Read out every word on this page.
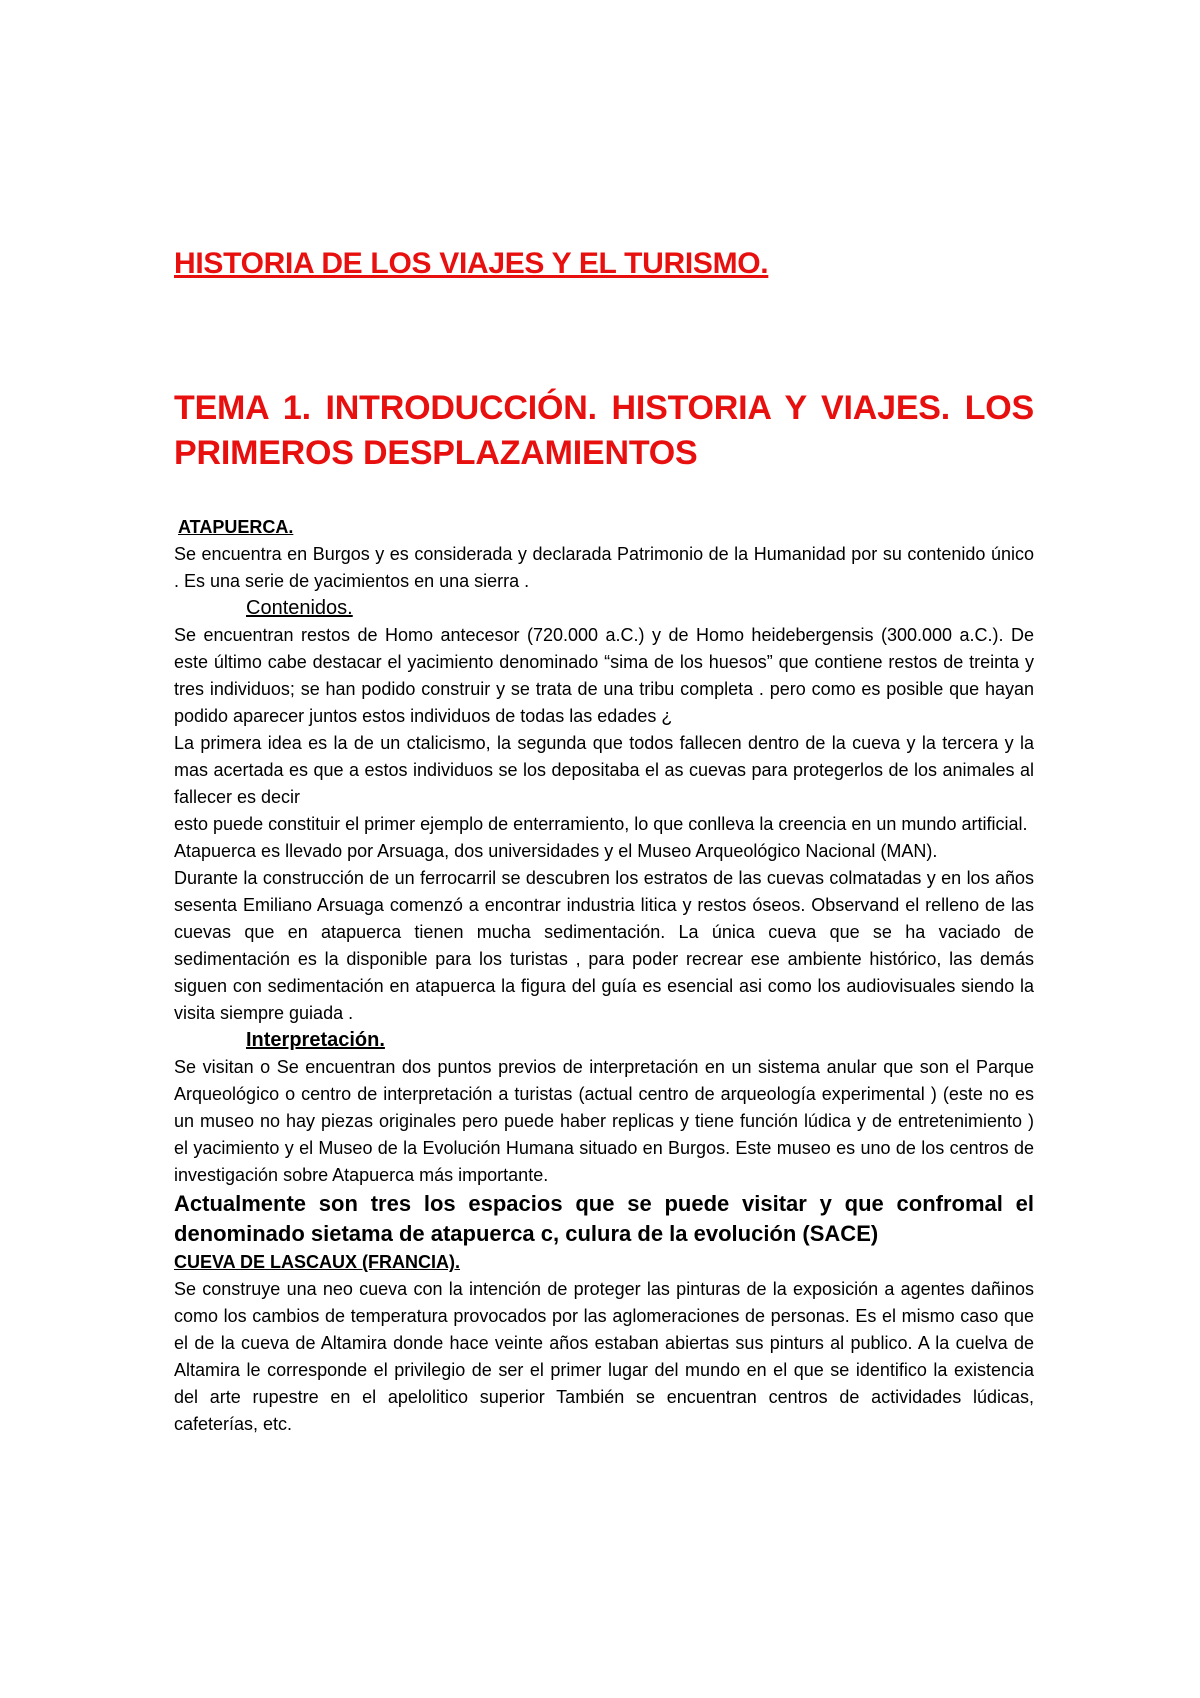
HISTORIA DE LOS VIAJES Y EL TURISMO.
TEMA 1. INTRODUCCIÓN. HISTORIA Y VIAJES. LOS PRIMEROS DESPLAZAMIENTOS

ATAPUERCA.

Se encuentra en Burgos y es considerada y declarada Patrimonio de la Humanidad por su contenido único . Es una serie de yacimientos en una sierra .

Contenidos.

Se encuentran restos de Homo antecesor (720.000 a.C.) y de Homo heidebergensis (300.000 a.C.). De este último cabe destacar el yacimiento denominado “sima de los huesos” que contiene restos de treinta y tres individuos; se han podido construir y se trata de una tribu completa . pero como es posible que hayan podido aparecer juntos estos individuos de todas las edades ¿

La primera idea es la de un ctalicismo, la segunda que todos fallecen dentro de la cueva y la tercera y la mas acertada es que a estos individuos se los depositaba el as cuevas para protegerlos de los animales al fallecer es decir

esto puede constituir el primer ejemplo de enterramiento, lo que conlleva la creencia en un mundo artificial.

Atapuerca es llevado por Arsuaga, dos universidades y el Museo Arqueológico Nacional (MAN).

Durante la construcción de un ferrocarril se descubren los estratos de las cuevas colmatadas y en los años sesenta Emiliano Arsuaga comenzó a encontrar industria litica y restos óseos. Observand el relleno de las cuevas que en atapuerca tienen mucha sedimentación. La única cueva que se ha vaciado de sedimentación es la disponible para los turistas , para poder recrear ese ambiente histórico, las demás siguen con sedimentación en atapuerca la figura del guía es esencial asi como los audiovisuales siendo la visita siempre guiada .

Interpretación.

Se visitan o Se encuentran dos puntos previos de interpretación en un sistema anular que son el Parque Arqueológico o centro de interpretación a turistas (actual centro de arqueología experimental ) (este no es un museo no hay piezas originales pero puede haber replicas y tiene función lúdica y de entretenimiento ) el yacimiento y el Museo de la Evolución Humana situado en Burgos. Este museo es uno de los centros de investigación sobre Atapuerca más importante.

Actualmente son tres los espacios que se puede visitar y que confromal el denominado sietama de atapuerca c, culura de la evolución (SACE)

CUEVA DE LASCAUX (FRANCIA).

Se construye una neo cueva con la intención de proteger las pinturas de la exposición a agentes dañinos como los cambios de temperatura provocados por las aglomeraciones de personas. Es el mismo caso que el de la cueva de Altamira donde hace veinte años estaban abiertas sus pinturs al publico. A la cuelva de Altamira le corresponde el privilegio de ser el primer lugar del mundo en el que se identifico la existencia del arte rupestre en el apelolitico superior También se encuentran centros de actividades lúdicas, cafeterías, etc.
